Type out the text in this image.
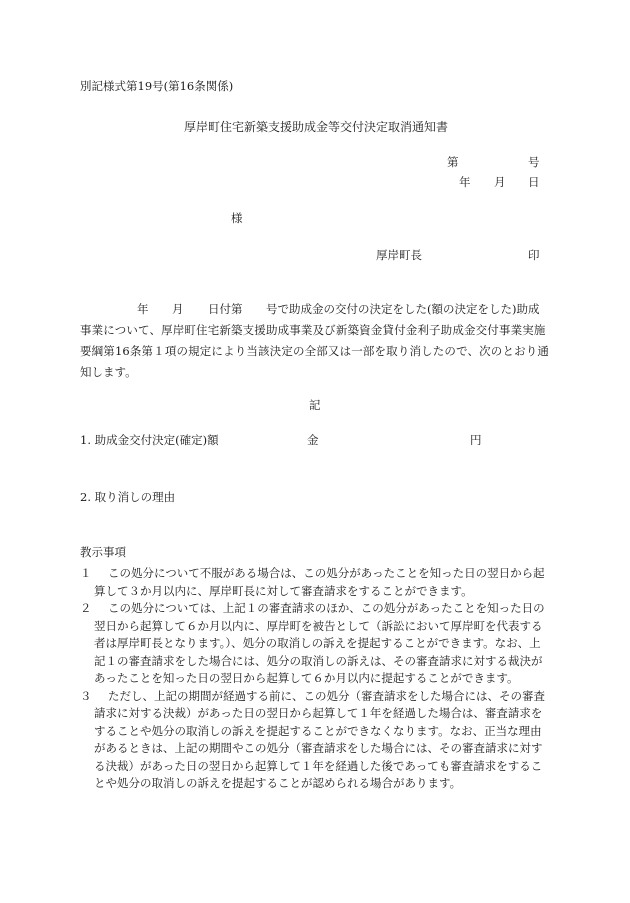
別記様式第19号(第16条関係)
厚岸町住宅新築支援助成金等交付決定取消通知書
第	号
年 月 日
様
厚岸町長	印
年 月 日付第 号で助成金の交付の決定をした(額の決定をした)助成
事業について、厚岸町住宅新築支援助成事業及び新築資金貸付金利子助成金交付事業実施
要綱第16条第１項の規定により当該決定の全部又は一部を取り消したので、次のとおり通
知します。
記
1. 助成金交付決定(確定)額	金	円
2. 取り消しの理由
教示事項
１	この処分について不服がある場合は、この処分があったことを知った日の翌日から起算して３か月以内に、厚岸町長に対して審査請求をすることができます。
２	この処分については、上記１の審査請求のほか、この処分があったことを知った日の翌日から起算して６か月以内に、厚岸町を被告として（訴訟において厚岸町を代表する者は厚岸町長となります。）、処分の取消しの訴えを提起することができます。なお、上記１の審査請求をした場合には、処分の取消しの訴えは、その審査請求に対する裁決があったことを知った日の翌日から起算して６か月以内に提起することができます。
３	ただし、上記の期間が経過する前に、この処分（審査請求をした場合には、その審査請求に対する決裁）があった日の翌日から起算して１年を経過した場合は、審査請求をすることや処分の取消しの訴えを提起することができなくなります。なお、正当な理由があるときは、上記の期間やこの処分（審査請求をした場合には、その審査請求に対する決裁）があった日の翌日から起算して１年を経過した後であっても審査請求をすることや処分の取消しの訴えを提起することが認められる場合があります。
